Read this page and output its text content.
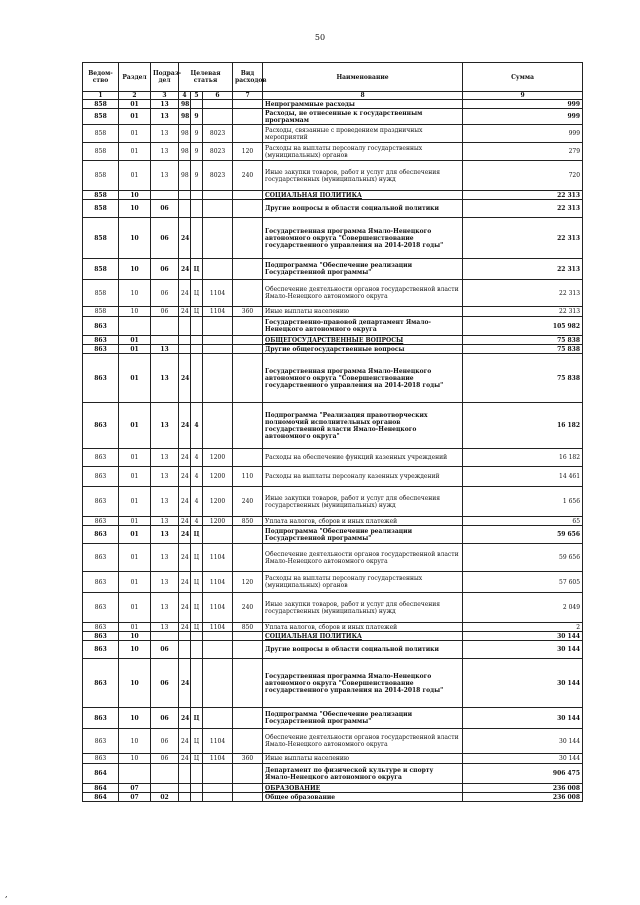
50
Ведом-ство	Раздел	Подраз-дел	Целевая статья			Вид расходов	Наименование	Сумма
1	2	3	4	5	6	7	8	9
858	01	13	98				Непрограммные расходы	999
858	01	13	98	9			Расходы, не отнесенные к государственным программам	999
858	01	13	98	9	8023		Расходы, связанные с проведением праздничных мероприятий	999
858	01	13	98	9	8023	120	Расходы на выплаты персоналу государственных (муниципальных) органов	279
858	01	13	98	9	8023	240	Иные закупки товаров, работ и услуг для обеспечения государственных (муниципальных) нужд	720
858	10						СОЦИАЛЬНАЯ ПОЛИТИКА	22 313
858	10	06					Другие вопросы в области социальной политики	22 313
858	10	06	24				Государственная программа Ямало-Ненецкого автономного округа "Совершенствование государственного управления на 2014-2018 годы"	22 313
858	10	06	24	Ц			Подпрограмма "Обеспечение реализации Государственной программы"	22 313
858	10	06	24	Ц	1104		Обеспечение деятельности органов государственной власти Ямало-Ненецкого автономного округа	22 313
858	10	06	24	Ц	1104	360	Иные выплаты населению	22 313
863							Государственно-правовой департамент Ямало-Ненецкого автономного округа	105 982
863	01						ОБЩЕГОСУДАРСТВЕННЫЕ ВОПРОСЫ	75 838
863	01	13					Другие общегосударственные вопросы	75 838
863	01	13	24				Государственная программа Ямало-Ненецкого автономного округа "Совершенствование государственного управления на 2014-2018 годы"	75 838
863	01	13	24	4			Подпрограмма "Реализация правотворческих полномочий исполнительных органов государственной власти Ямало-Ненецкого автономного округа"	16 182
863	01	13	24	4	1200		Расходы на обеспечение функций казенных учреждений	16 182
863	01	13	24	4	1200	110	Расходы на выплаты персоналу казенных учреждений	14 461
863	01	13	24	4	1200	240	Иные закупки товаров, работ и услуг для обеспечения государственных (муниципальных) нужд	1 656
863	01	13	24	4	1200	850	Уплата налогов, сборов и иных платежей	65
863	01	13	24	Ц			Подпрограмма "Обеспечение реализации Государственной программы"	59 656
863	01	13	24	Ц	1104		Обеспечение деятельности органов государственной власти Ямало-Ненецкого автономного округа	59 656
863	01	13	24	Ц	1104	120	Расходы на выплаты персоналу государственных (муниципальных) органов	57 605
863	01	13	24	Ц	1104	240	Иные закупки товаров, работ и услуг для обеспечения государственных (муниципальных) нужд	2 049
863	01	13	24	Ц	1104	850	Уплата налогов, сборов и иных платежей	2
863	10						СОЦИАЛЬНАЯ ПОЛИТИКА	30 144
863	10	06					Другие вопросы в области социальной политики	30 144
863	10	06	24				Государственная программа Ямало-Ненецкого автономного округа "Совершенствование государственного управления на 2014-2018 годы"	30 144
863	10	06	24	Ц			Подпрограмма "Обеспечение реализации Государственной программы"	30 144
863	10	06	24	Ц	1104		Обеспечение деятельности органов государственной власти Ямало-Ненецкого автономного округа	30 144
863	10	06	24	Ц	1104	360	Иные выплаты населению	30 144
864							Департамент по физической культуре и спорту Ямало-Ненецкого автономного округа	906 475
864	07						ОБРАЗОВАНИЕ	236 008
864	07	02					Общее образование	236 008
,
